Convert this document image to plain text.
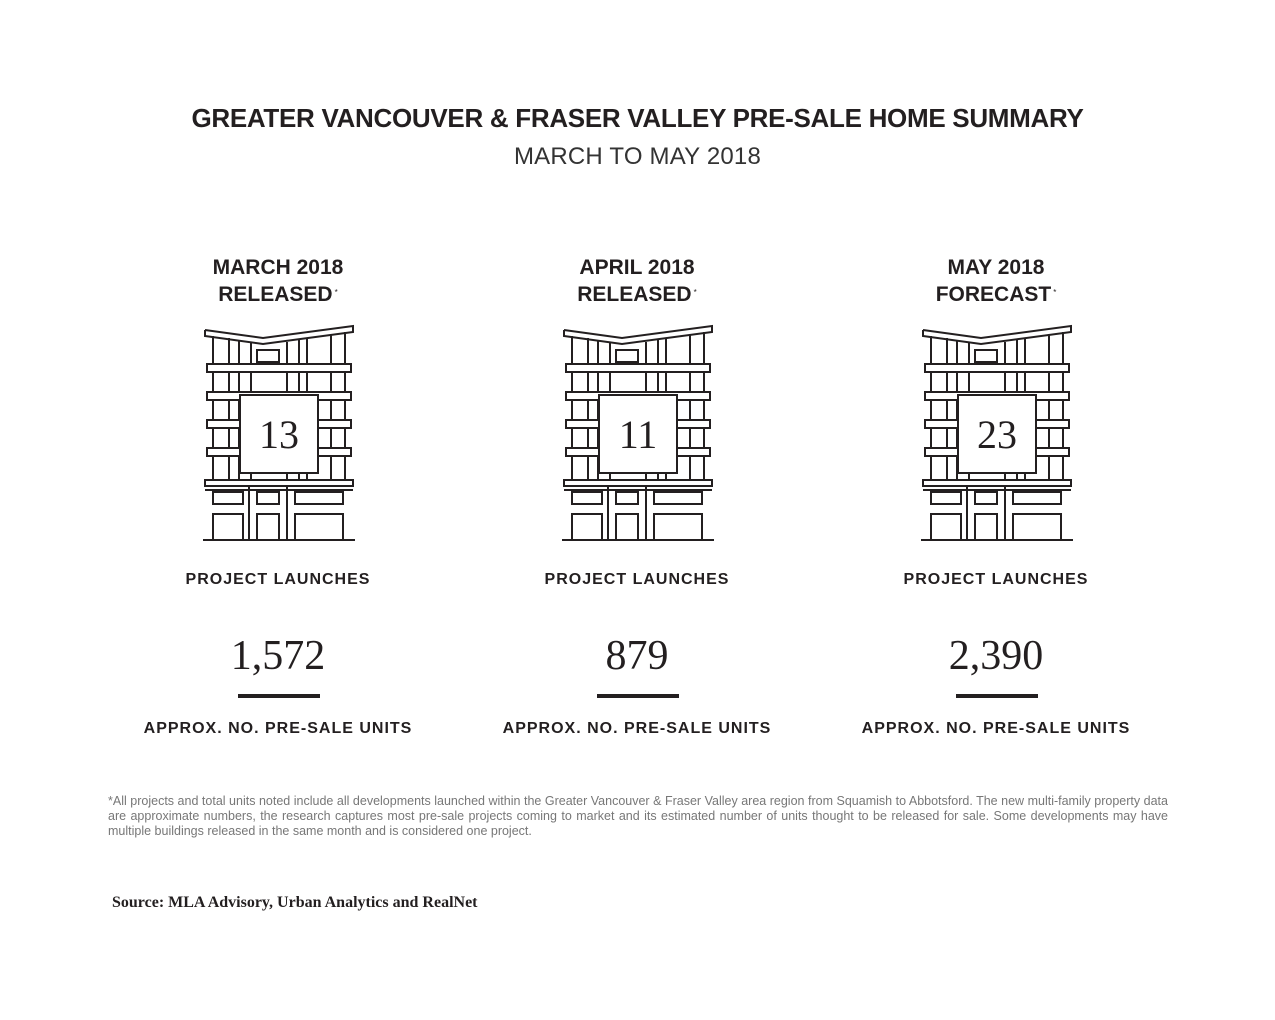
GREATER VANCOUVER & FRASER VALLEY PRE-SALE HOME SUMMARY
MARCH TO MAY 2018
MARCH 2018
RELEASED *
13
PROJECT LAUNCHES
1,572
APPROX. NO. PRE-SALE UNITS
APRIL 2018
RELEASED *
11
PROJECT LAUNCHES
879
APPROX. NO. PRE-SALE UNITS
MAY 2018
FORECAST *
23
PROJECT LAUNCHES
2,390
APPROX. NO. PRE-SALE UNITS
*All projects and total units noted include all developments launched within the Greater Vancouver & Fraser Valley area region from Squamish to Abbotsford. The new multi-family property data are approximate numbers, the research captures most pre-sale projects coming to market and its estimated number of units thought to be released for sale. Some developments may have multiple buildings released in the same month and is considered one project.
Source: MLA Advisory, Urban Analytics and RealNet
